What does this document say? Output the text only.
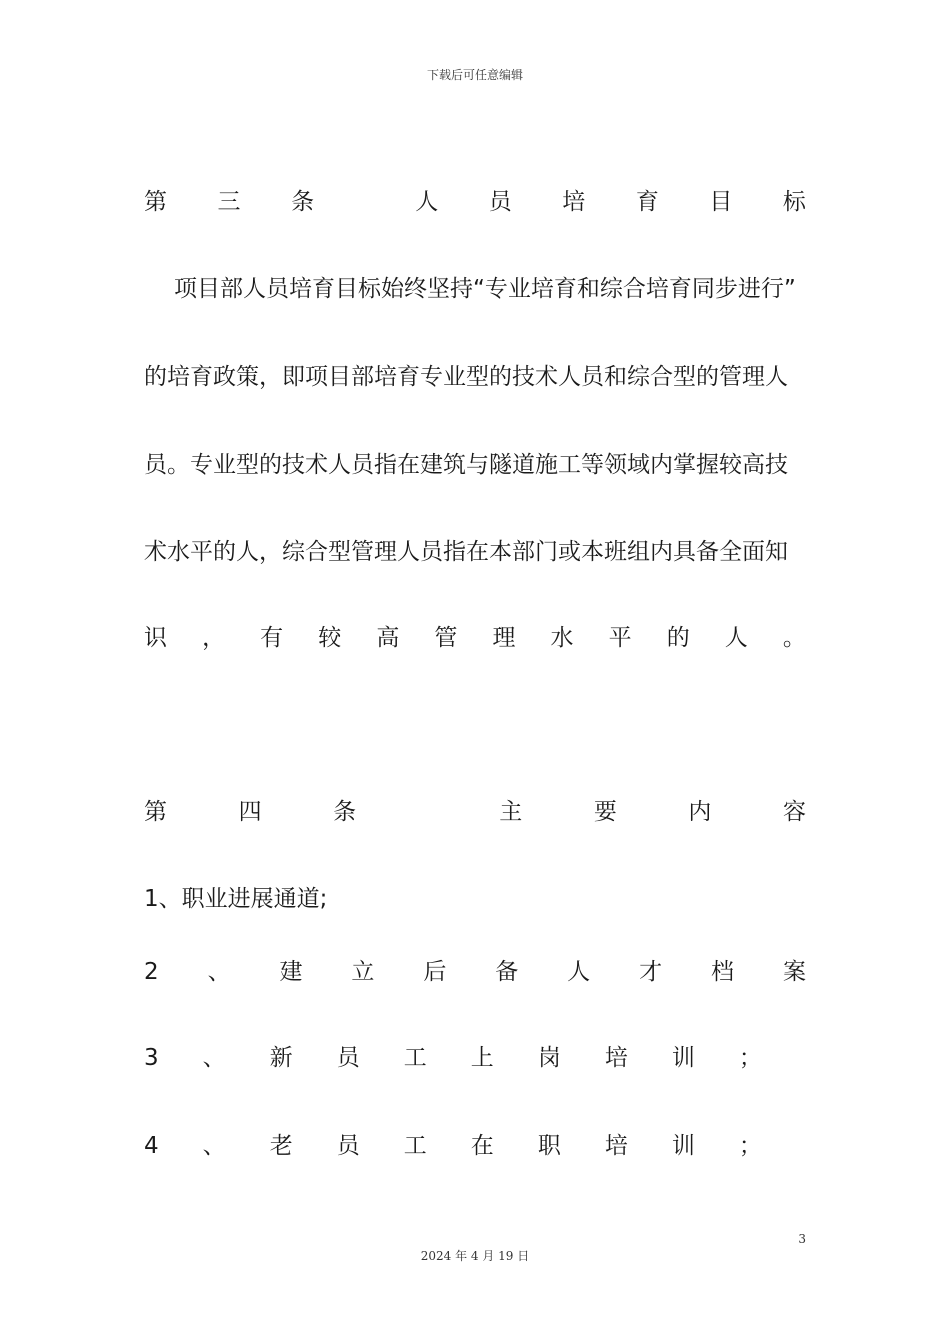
下载后可任意编辑
第 三 条	人 员 培 育 目 标
项目部人员培育目标始终坚持“专业培育和综合培育同步进行”
的培育政策，即项目部培育专业型的技术人员和综合型的管理人
员。专业型的技术人员指在建筑与隧道施工等领域内掌握较高技
术水平的人，综合型管理人员指在本部门或本班组内具备全面知
识 ， 有 较 高 管 理 水 平 的 人 。
第	四	条	主	要	内	容
1、职业进展通道;
2 、 建 立 后 备 人 才 档 案
3 、 新 员 工 上 岗 培 训 ；
4 、 老 员 工 在 职 培 训 ；
3
2024 年 4 月 19 日
